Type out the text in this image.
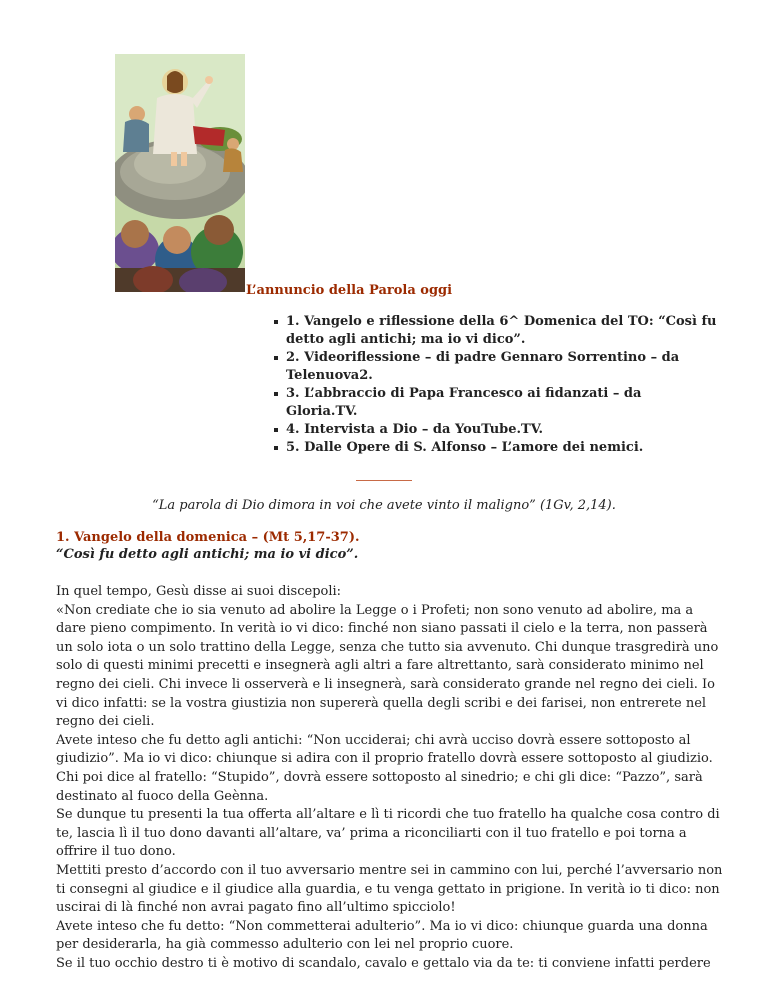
L’annuncio della Parola oggi
1. Vangelo e riflessione della 6^ Domenica del TO: “Così fu
detto agli antichi; ma io vi dico”.
2. Videoriflessione – di padre Gennaro Sorrentino – da
Telenuova2.
3. L’abbraccio di Papa Francesco ai fidanzati – da
Gloria.TV.
4. Intervista a Dio – da YouTube.TV.
5. Dalle Opere di S. Alfonso – L’amore dei nemici.
“La parola di Dio dimora in voi che avete vinto il maligno” (1Gv, 2,14).
1. Vangelo della domenica – (Mt 5,17-37).
“Così fu detto agli antichi; ma io vi dico”.
In quel tempo, Gesù disse ai suoi discepoli:
«Non crediate che io sia venuto ad abolire la Legge o i Profeti; non sono venuto ad abolire, ma a
dare pieno compimento. In verità io vi dico: finché non siano passati il cielo e la terra, non passerà
un solo iota o un solo trattino della Legge, senza che tutto sia avvenuto. Chi dunque trasgredirà uno
solo di questi minimi precetti e insegnerà agli altri a fare altrettanto, sarà considerato minimo nel
regno dei cieli. Chi invece li osserverà e li insegnerà, sarà considerato grande nel regno dei cieli. Io
vi dico infatti: se la vostra giustizia non supererà quella degli scribi e dei farisei, non entrerete nel
regno dei cieli.
Avete inteso che fu detto agli antichi: “Non ucciderai; chi avrà ucciso dovrà essere sottoposto al
giudizio”. Ma io vi dico: chiunque si adira con il proprio fratello dovrà essere sottoposto al giudizio.
Chi poi dice al fratello: “Stupido”, dovrà essere sottoposto al sinedrio; e chi gli dice: “Pazzo”, sarà
destinato al fuoco della Geènna.
Se dunque tu presenti la tua offerta all’altare e lì ti ricordi che tuo fratello ha qualche cosa contro di
te, lascia lì il tuo dono davanti all’altare, va’ prima a riconciliarti con il tuo fratello e poi torna a
offrire il tuo dono.
Mettiti presto d’accordo con il tuo avversario mentre sei in cammino con lui, perché l’avversario non
ti consegni al giudice e il giudice alla guardia, e tu venga gettato in prigione. In verità io ti dico: non
uscirai di là finché non avrai pagato fino all’ultimo spicciolo!
Avete inteso che fu detto: “Non commetterai adulterio”. Ma io vi dico: chiunque guarda una donna
per desiderarla, ha già commesso adulterio con lei nel proprio cuore.
Se il tuo occhio destro ti è motivo di scandalo, cavalo e gettalo via da te: ti conviene infatti perdere
